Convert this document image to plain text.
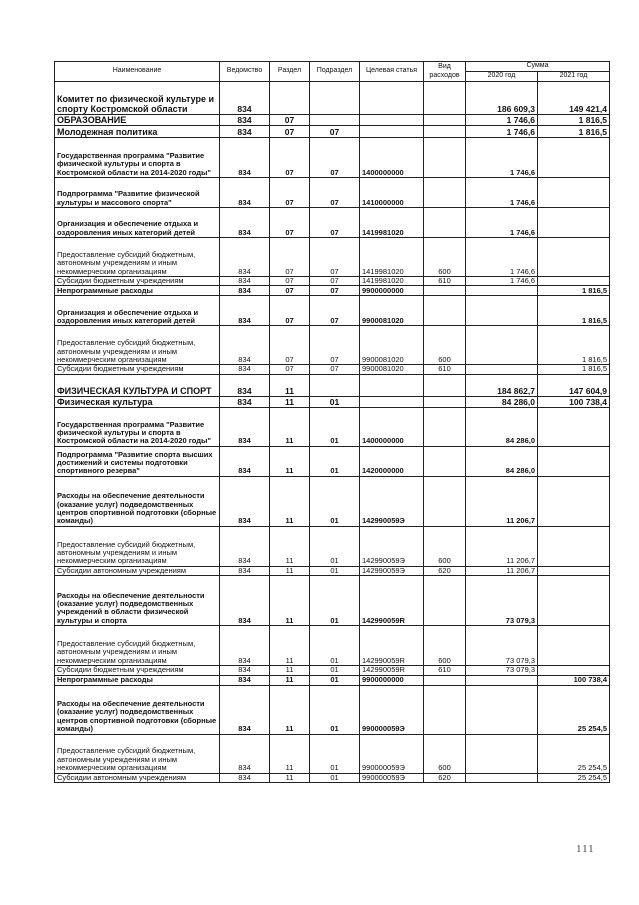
Наименование	Ведомство	Раздел	Подраздел	Целевая статья	Вид расходов	Сумма	
						2020 год	2021 год
Комитет по физической культуре и спорту Костромской области	834					186 609,3	149 421,4
ОБРАЗОВАНИЕ	834	07				1 746,6	1 816,5
Молодежная политика	834	07	07			1 746,6	1 816,5
Государственная программа "Развитие физической культуры и спорта в Костромской области на 2014-2020 годы"	834	07	07	1400000000		1 746,6	
Подпрограмма "Развитие физической культуры и массового спорта"	834	07	07	1410000000		1 746,6	
Организация и обеспечение отдыха и оздоровления иных категорий детей	834	07	07	1419981020		1 746,6	
Предоставление субсидий бюджетным, автономным учреждениям и иным некоммерческим организациям	834	07	07	1419981020	600	1 746,6	
Субсидии бюджетным учреждениям	834	07	07	1419981020	610	1 746,6	
Непрограммные расходы	834	07	07	9900000000			1 816,5
Организация и обеспечение отдыха и оздоровления иных категорий детей	834	07	07	9900081020			1 816,5
Предоставление субсидий бюджетным, автономным учреждениям и иным некоммерческим организациям	834	07	07	9900081020	600		1 816,5
Субсидии бюджетным учреждениям	834	07	07	9900081020	610		1 816,5
ФИЗИЧЕСКАЯ КУЛЬТУРА И СПОРТ	834	11				184 862,7	147 604,9
Физическая культура	834	11	01			84 286,0	100 738,4
Государственная программа "Развитие физической культуры и спорта в Костромской области на 2014-2020 годы"	834	11	01	1400000000		84 286,0	
Подпрограмма "Развитие спорта высших достижений и системы подготовки спортивного резерва"	834	11	01	1420000000		84 286,0	
Расходы на обеспечение деятельности (оказание услуг) подведомственных центров спортивной подготовки (сборные команды)	834	11	01	142990059Э		11 206,7	
Предоставление субсидий бюджетным, автономным учреждениям и иным некоммерческим организациям	834	11	01	142990059Э	600	11 206,7	
Субсидии автономным учреждениям	834	11	01	142990059Э	620	11 206,7	
Расходы на обеспечение деятельности (оказание услуг) подведомственных учреждений в области физической культуры и спорта	834	11	01	142990059R		73 079,3	
Предоставление субсидий бюджетным, автономным учреждениям и иным некоммерческим организациям	834	11	01	142990059R	600	73 079,3	
Субсидии бюджетным учреждениям	834	11	01	142990059R	610	73 079,3	
Непрограммные расходы	834	11	01	9900000000			100 738,4
Расходы на обеспечение деятельности (оказание услуг) подведомственных центров спортивной подготовки (сборные команды)	834	11	01	990000059Э			25 254,5
Предоставление субсидий бюджетным, автономным учреждениям и иным некоммерческим организациям	834	11	01	990000059Э	600		25 254,5
Субсидии автономным учреждениям	834	11	01	990000059Э	620		25 254,5
111
